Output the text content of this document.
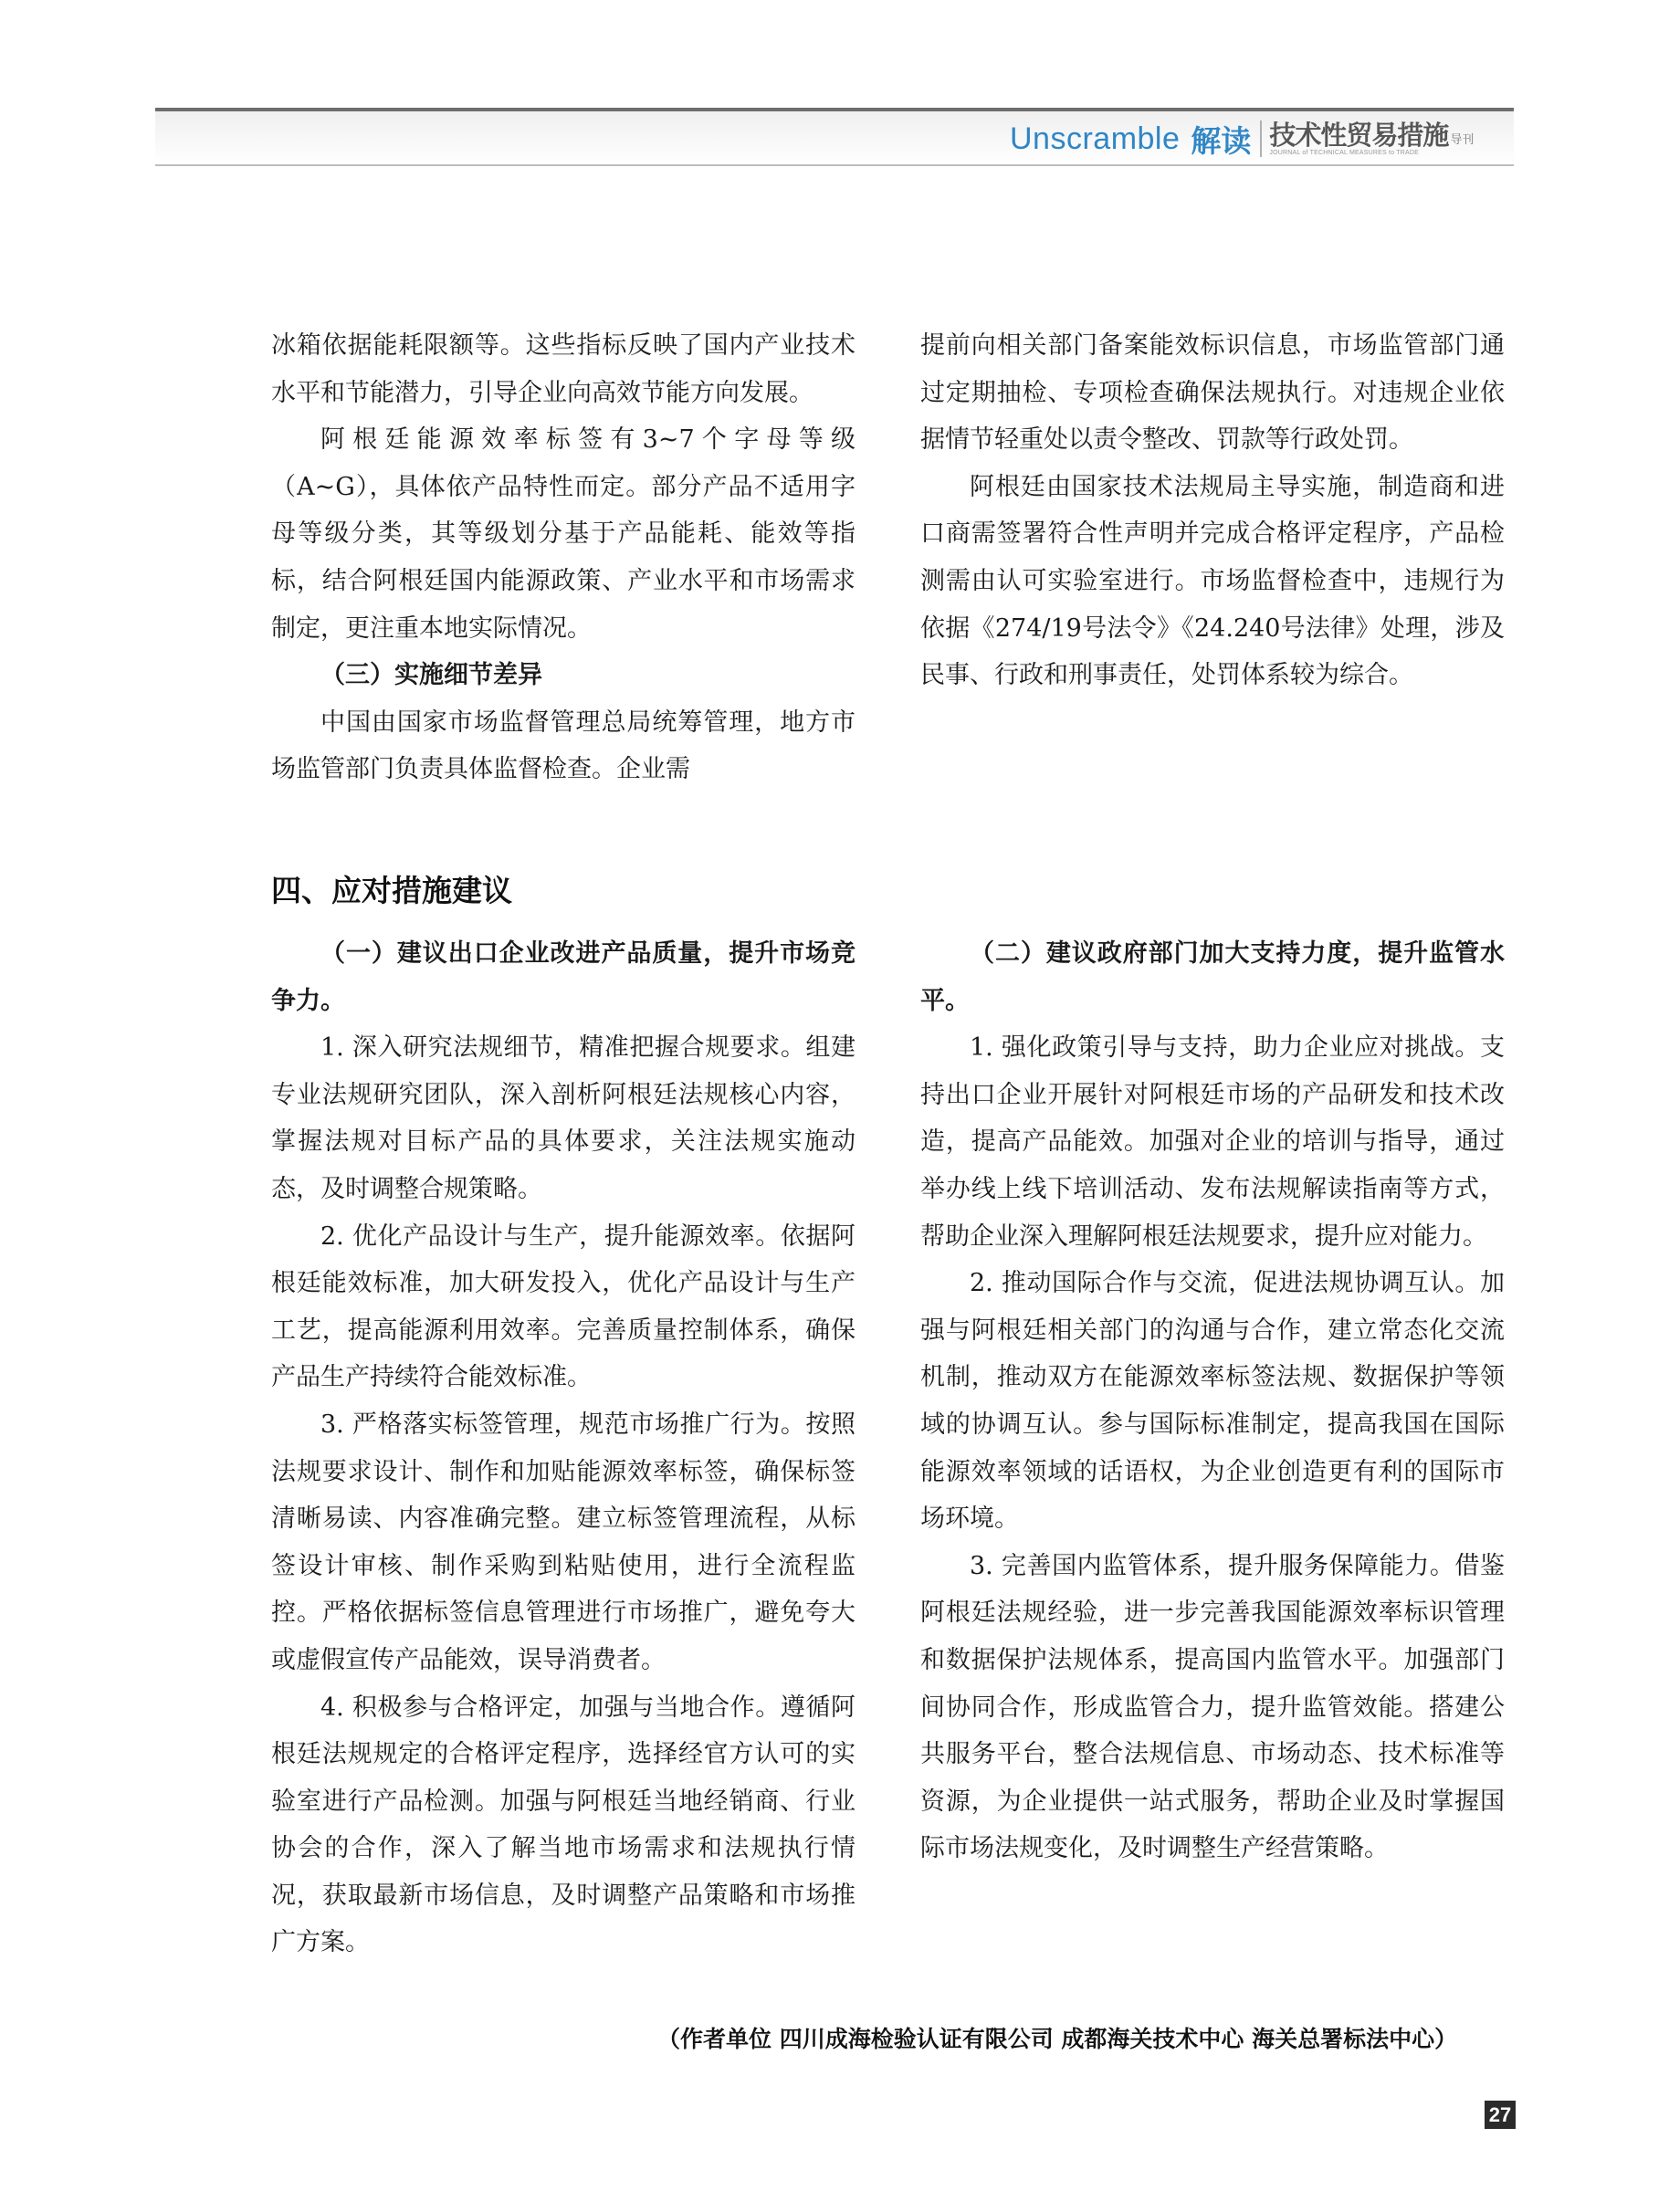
Unscramble 解读 技术性贸易措施 导刊
JOURNAL of TECHNICAL MEASURES to TRADE

冰箱依据能耗限额等。这些指标反映了国内产业技术水平和节能潜力，引导企业向高效节能方向发展。

阿根廷能源效率标签有3~7个字母等级（A~G），具体依产品特性而定。部分产品不适用字母等级分类，其等级划分基于产品能耗、能效等指标，结合阿根廷国内能源政策、产业水平和市场需求制定，更注重本地实际情况。

（三）实施细节差异

中国由国家市场监督管理总局统筹管理，地方市场监管部门负责具体监督检查。企业需

提前向相关部门备案能效标识信息，市场监管部门通过定期抽检、专项检查确保法规执行。对违规企业依据情节轻重处以责令整改、罚款等行政处罚。

阿根廷由国家技术法规局主导实施，制造商和进口商需签署符合性声明并完成合格评定程序，产品检测需由认可实验室进行。市场监督检查中，违规行为依据《274/19号法令》《24.240号法律》处理，涉及民事、行政和刑事责任，处罚体系较为综合。

四、应对措施建议

（一）建议出口企业改进产品质量，提升市场竞争力。

1. 深入研究法规细节，精准把握合规要求。组建专业法规研究团队，深入剖析阿根廷法规核心内容，掌握法规对目标产品的具体要求，关注法规实施动态，及时调整合规策略。

2. 优化产品设计与生产，提升能源效率。依据阿根廷能效标准，加大研发投入，优化产品设计与生产工艺，提高能源利用效率。完善质量控制体系，确保产品生产持续符合能效标准。

3. 严格落实标签管理，规范市场推广行为。按照法规要求设计、制作和加贴能源效率标签，确保标签清晰易读、内容准确完整。建立标签管理流程，从标签设计审核、制作采购到粘贴使用，进行全流程监控。严格依据标签信息管理进行市场推广，避免夸大或虚假宣传产品能效，误导消费者。

4. 积极参与合格评定，加强与当地合作。遵循阿根廷法规规定的合格评定程序，选择经官方认可的实验室进行产品检测。加强与阿根廷当地经销商、行业协会的合作，深入了解当地市场需求和法规执行情况，获取最新市场信息，及时调整产品策略和市场推广方案。

（二）建议政府部门加大支持力度，提升监管水平。

1. 强化政策引导与支持，助力企业应对挑战。支持出口企业开展针对阿根廷市场的产品研发和技术改造，提高产品能效。加强对企业的培训与指导，通过举办线上线下培训活动、发布法规解读指南等方式，帮助企业深入理解阿根廷法规要求，提升应对能力。

2. 推动国际合作与交流，促进法规协调互认。加强与阿根廷相关部门的沟通与合作，建立常态化交流机制，推动双方在能源效率标签法规、数据保护等领域的协调互认。参与国际标准制定，提高我国在国际能源效率领域的话语权，为企业创造更有利的国际市场环境。

3. 完善国内监管体系，提升服务保障能力。借鉴阿根廷法规经验，进一步完善我国能源效率标识管理和数据保护法规体系，提高国内监管水平。加强部门间协同合作，形成监管合力，提升监管效能。搭建公共服务平台，整合法规信息、市场动态、技术标准等资源，为企业提供一站式服务，帮助企业及时掌握国际市场法规变化，及时调整生产经营策略。

（作者单位 四川成海检验认证有限公司 成都海关技术中心 海关总署标法中心）
27
